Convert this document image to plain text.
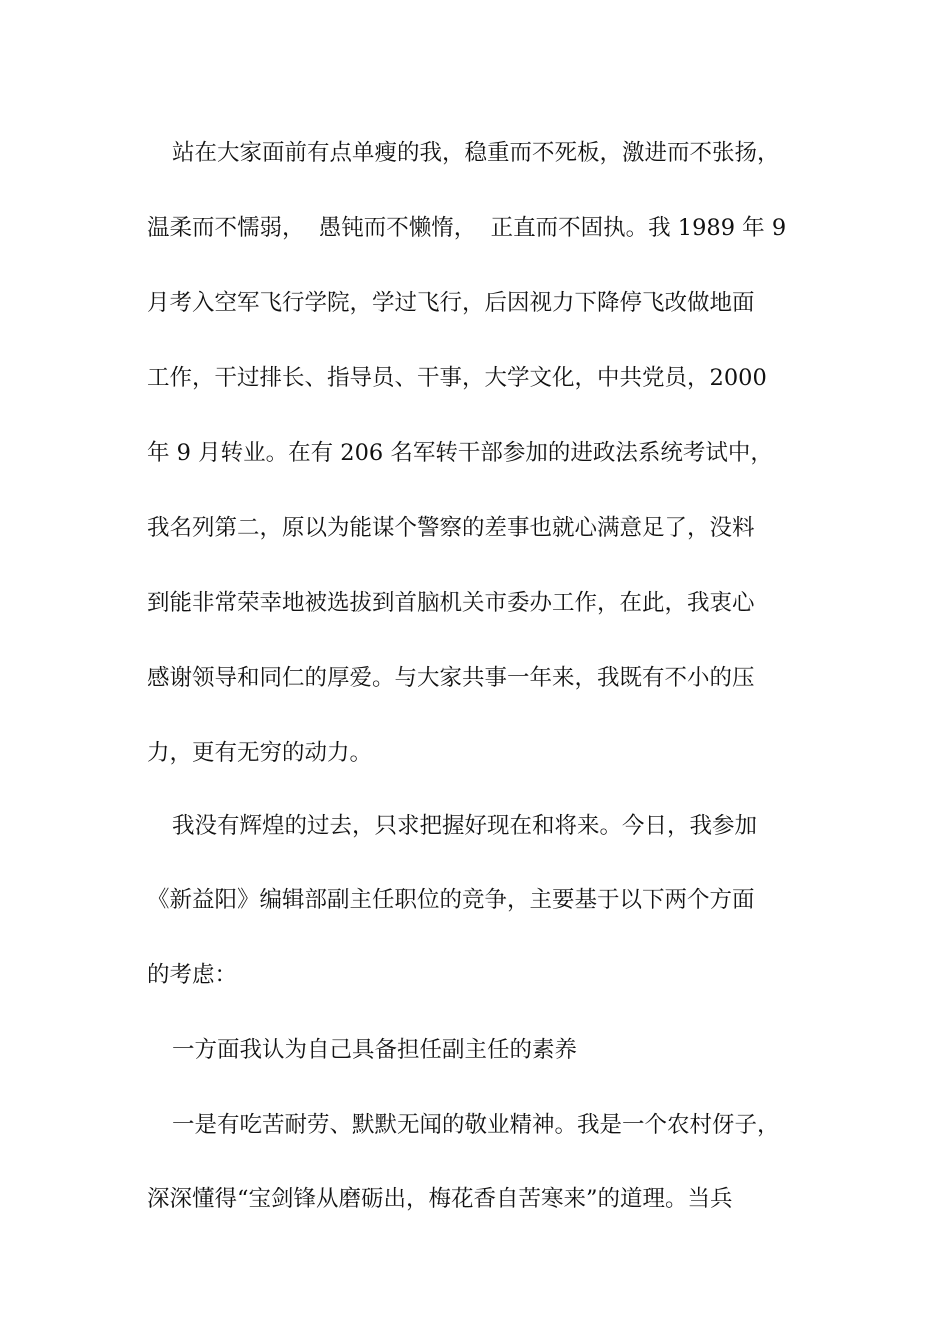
站在大家面前有点单瘦的我，稳重而不死板，激进而不张扬，
温柔而不懦弱，  愚钝而不懒惰，  正直而不固执。我 1989 年 9
月考入空军飞行学院，学过飞行，后因视力下降停飞改做地面
工作，干过排长、指导员、干事，大学文化，中共党员，2000
年 9 月转业。在有 206 名军转干部参加的进政法系统考试中，
我名列第二，原以为能谋个警察的差事也就心满意足了，没料
到能非常荣幸地被选拔到首脑机关市委办工作，在此，我衷心
感谢领导和同仁的厚爱。与大家共事一年来，我既有不小的压
力，更有无穷的动力。
我没有辉煌的过去，只求把握好现在和将来。今日，我参加
《新益阳》编辑部副主任职位的竞争，主要基于以下两个方面
的考虑：
一方面我认为自己具备担任副主任的素养
一是有吃苦耐劳、默默无闻的敬业精神。我是一个农村伢子，
深深懂得“宝剑锋从磨砺出，梅花香自苦寒来”的道理。当兵
